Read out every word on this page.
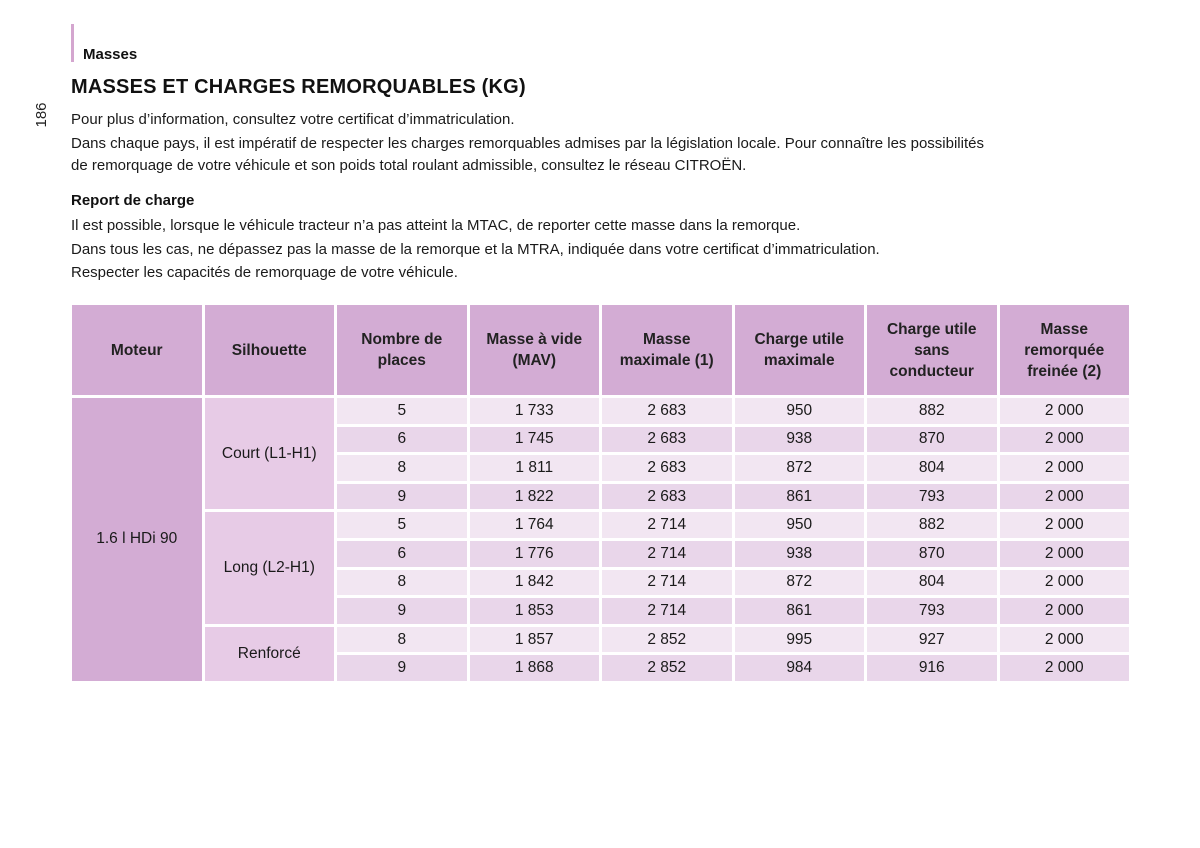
Masses
186
MASSES ET CHARGES REMORQUABLES (KG)

Pour plus d’information, consultez votre certificat d’immatriculation.

Dans chaque pays, il est impératif de respecter les charges remorquables admises par la législation locale. Pour connaître les possibilités

de remorquage de votre véhicule et son poids total roulant admissible, consultez le réseau CITROËN.

Report de charge

Il est possible, lorsque le véhicule tracteur n’a pas atteint la MTAC, de reporter cette masse dans la remorque.

Dans tous les cas, ne dépassez pas la masse de la remorque et la MTRA, indiquée dans votre certificat d’immatriculation.

Respecter les capacités de remorquage de votre véhicule.

Moteur	Silhouette	Nombre de places	Masse à vide (MAV)	Masse maximale (1)	Charge utile maximale	Charge utile sans conducteur	Masse remorquée freinée (2)
1.6 l HDi 90	Court (L1-H1)	5	1 733	2 683	950	882	2 000
		6	1 745	2 683	938	870	2 000
		8	1 811	2 683	872	804	2 000
		9	1 822	2 683	861	793	2 000
	Long (L2-H1)	5	1 764	2 714	950	882	2 000
		6	1 776	2 714	938	870	2 000
		8	1 842	2 714	872	804	2 000
		9	1 853	2 714	861	793	2 000
	Renforcé	8	1 857	2 852	995	927	2 000
		9	1 868	2 852	984	916	2 000
